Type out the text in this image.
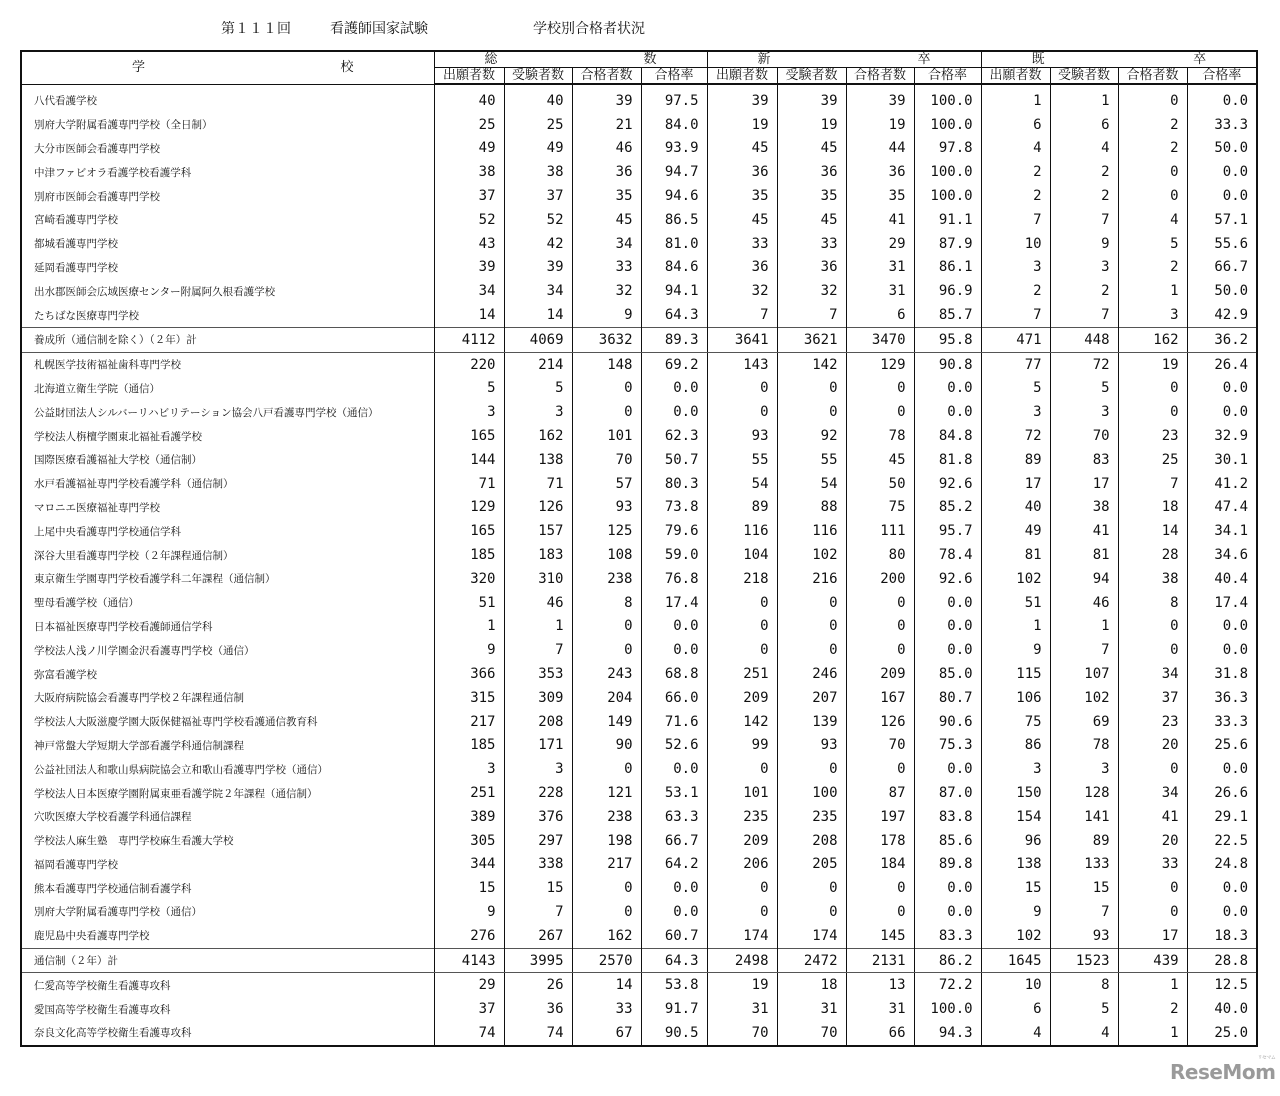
第１１１回	看護師国家試験	学校別合格者状況
学 校	総 数				新 卒				既 卒			

	出願者数	受験者数	合格者数	合格率	出願者数	受験者数	合格者数	合格率	出願者数	受験者数	合格者数	合格率
八代看護学校	40	40	39	97.5	39	39	39	100.0	1	1	0	0.0
別府大学附属看護専門学校（全日制）	25	25	21	84.0	19	19	19	100.0	6	6	2	33.3
大分市医師会看護専門学校	49	49	46	93.9	45	45	44	97.8	4	4	2	50.0
中津ファビオラ看護学校看護学科	38	38	36	94.7	36	36	36	100.0	2	2	0	0.0
別府市医師会看護専門学校	37	37	35	94.6	35	35	35	100.0	2	2	0	0.0
宮崎看護専門学校	52	52	45	86.5	45	45	41	91.1	7	7	4	57.1
都城看護専門学校	43	42	34	81.0	33	33	29	87.9	10	9	5	55.6
延岡看護専門学校	39	39	33	84.6	36	36	31	86.1	3	3	2	66.7
出水郡医師会広域医療センター附属阿久根看護学校	34	34	32	94.1	32	32	31	96.9	2	2	1	50.0
たちばな医療専門学校	14	14	9	64.3	7	7	6	85.7	7	7	3	42.9
養成所（通信制を除く）（２年）計	4112	4069	3632	89.3	3641	3621	3470	95.8	471	448	162	36.2
札幌医学技術福祉歯科専門学校	220	214	148	69.2	143	142	129	90.8	77	72	19	26.4
北海道立衛生学院（通信）	5	5	0	0.0	0	0	0	0.0	5	5	0	0.0
公益財団法人シルバーリハビリテーション協会八戸看護専門学校（通信）	3	3	0	0.0	0	0	0	0.0	3	3	0	0.0
学校法人栴檀学園東北福祉看護学校	165	162	101	62.3	93	92	78	84.8	72	70	23	32.9
国際医療看護福祉大学校（通信制）	144	138	70	50.7	55	55	45	81.8	89	83	25	30.1
水戸看護福祉専門学校看護学科（通信制）	71	71	57	80.3	54	54	50	92.6	17	17	7	41.2
マロニエ医療福祉専門学校	129	126	93	73.8	89	88	75	85.2	40	38	18	47.4
上尾中央看護専門学校通信学科	165	157	125	79.6	116	116	111	95.7	49	41	14	34.1
深谷大里看護専門学校（２年課程通信制）	185	183	108	59.0	104	102	80	78.4	81	81	28	34.6
東京衛生学園専門学校看護学科二年課程（通信制）	320	310	238	76.8	218	216	200	92.6	102	94	38	40.4
聖母看護学校（通信）	51	46	8	17.4	0	0	0	0.0	51	46	8	17.4
日本福祉医療専門学校看護師通信学科	1	1	0	0.0	0	0	0	0.0	1	1	0	0.0
学校法人浅ノ川学園金沢看護専門学校（通信）	9	7	0	0.0	0	0	0	0.0	9	7	0	0.0
弥富看護学校	366	353	243	68.8	251	246	209	85.0	115	107	34	31.8
大阪府病院協会看護専門学校２年課程通信制	315	309	204	66.0	209	207	167	80.7	106	102	37	36.3
学校法人大阪滋慶学園大阪保健福祉専門学校看護通信教育科	217	208	149	71.6	142	139	126	90.6	75	69	23	33.3
神戸常盤大学短期大学部看護学科通信制課程	185	171	90	52.6	99	93	70	75.3	86	78	20	25.6
公益社団法人和歌山県病院協会立和歌山看護専門学校（通信）	3	3	0	0.0	0	0	0	0.0	3	3	0	0.0
学校法人日本医療学園附属東亜看護学院２年課程（通信制）	251	228	121	53.1	101	100	87	87.0	150	128	34	26.6
穴吹医療大学校看護学科通信課程	389	376	238	63.3	235	235	197	83.8	154	141	41	29.1
学校法人麻生塾　専門学校麻生看護大学校	305	297	198	66.7	209	208	178	85.6	96	89	20	22.5
福岡看護専門学校	344	338	217	64.2	206	205	184	89.8	138	133	33	24.8
熊本看護専門学校通信制看護学科	15	15	0	0.0	0	0	0	0.0	15	15	0	0.0
別府大学附属看護専門学校（通信）	9	7	0	0.0	0	0	0	0.0	9	7	0	0.0
鹿児島中央看護専門学校	276	267	162	60.7	174	174	145	83.3	102	93	17	18.3
通信制（２年）計	4143	3995	2570	64.3	2498	2472	2131	86.2	1645	1523	439	28.8
仁愛高等学校衛生看護専攻科	29	26	14	53.8	19	18	13	72.2	10	8	1	12.5
愛国高等学校衛生看護専攻科	37	36	33	91.7	31	31	31	100.0	6	5	2	40.0
奈良文化高等学校衛生看護専攻科	74	74	67	90.5	70	70	66	94.3	4	4	1	25.0
リセマム
ReseMom
